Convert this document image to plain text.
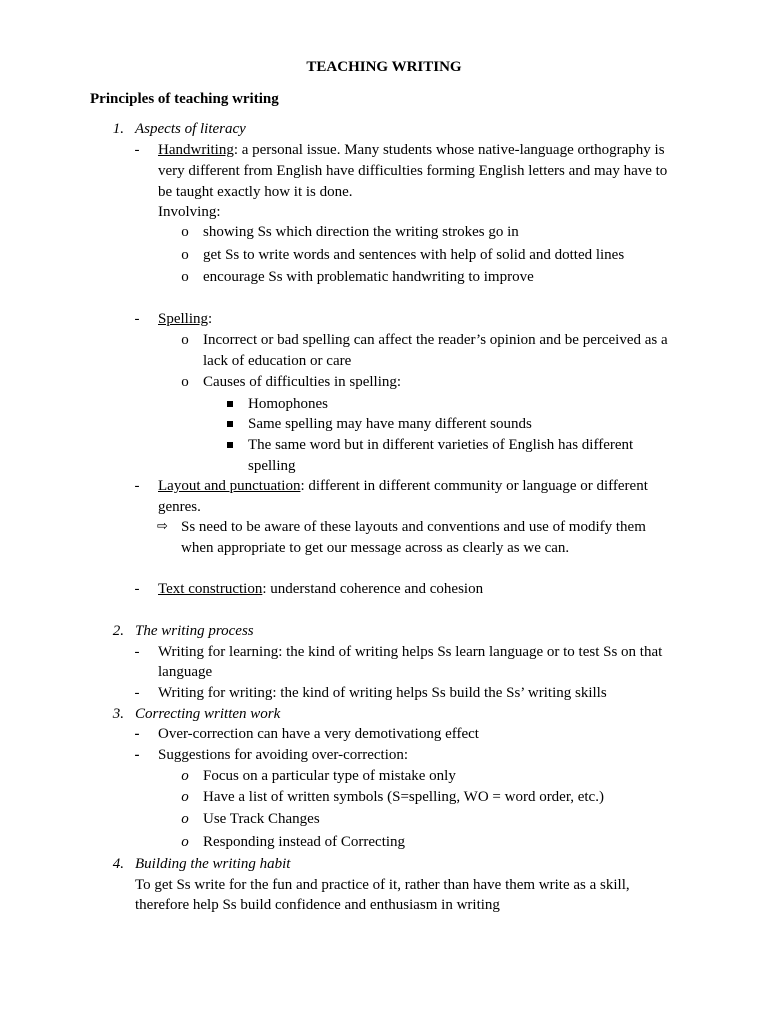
TEACHING WRITING
Principles of teaching writing
1. Aspects of literacy
- Handwriting: a personal issue. Many students whose native-language orthography is
very different from English have difficulties forming English letters and may have to
be taught exactly how it is done.
Involving:
o showing Ss which direction the writing strokes go in
o get Ss to write words and sentences with help of solid and dotted lines
o encourage Ss with problematic handwriting to improve
- Spelling:
o Incorrect or bad spelling can affect the reader’s opinion and be perceived as a
lack of education or care
o Causes of difficulties in spelling:
Homophones
Same spelling may have many different sounds
The same word but in different varieties of English has different
spelling
- Layout and punctuation: different in different community or language or different
genres.
⇨ Ss need to be aware of these layouts and conventions and use of modify them
when appropriate to get our message across as clearly as we can.
- Text construction: understand coherence and cohesion
2. The writing process
- Writing for learning: the kind of writing helps Ss learn language or to test Ss on that
language
- Writing for writing: the kind of writing helps Ss build the Ss’ writing skills
3. Correcting written work
- Over-correction can have a very demotivationg effect
- Suggestions for avoiding over-correction:
o Focus on a particular type of mistake only
o Have a list of written symbols (S=spelling, WO = word order, etc.)
o Use Track Changes
o Responding instead of Correcting
4. Building the writing habit
To get Ss write for the fun and practice of it, rather than have them write as a skill,
therefore help Ss build confidence and enthusiasm in writing
